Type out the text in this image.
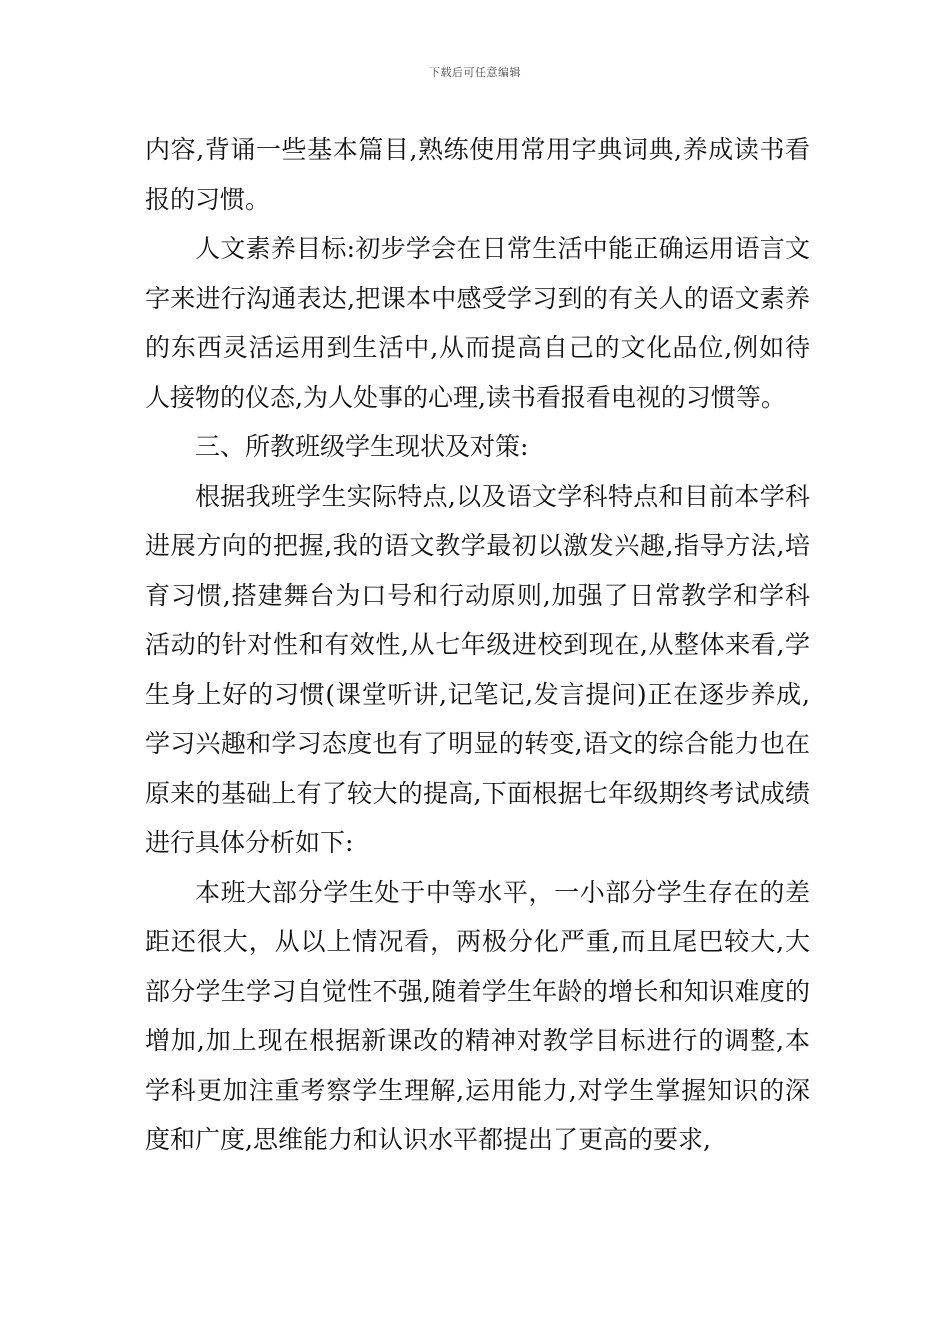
下载后可任意编辑

内容,背诵一些基本篇目,熟练使用常用字典词典,养成读书看报的习惯。

人文素养目标:初步学会在日常生活中能正确运用语言文字来进行沟通表达,把课本中感受学习到的有关人的语文素养的东西灵活运用到生活中,从而提高自己的文化品位,例如待人接物的仪态,为人处事的心理,读书看报看电视的习惯等。

三、所教班级学生现状及对策:

根据我班学生实际特点,以及语文学科特点和目前本学科进展方向的把握,我的语文教学最初以激发兴趣,指导方法,培育习惯,搭建舞台为口号和行动原则,加强了日常教学和学科活动的针对性和有效性,从七年级进校到现在,从整体来看,学生身上好的习惯(课堂听讲,记笔记,发言提问)正在逐步养成,学习兴趣和学习态度也有了明显的转变,语文的综合能力也在原来的基础上有了较大的提高,下面根据七年级期终考试成绩进行具体分析如下:

本班大部分学生处于中等水平，一小部分学生存在的差距还很大，从以上情况看，两极分化严重,而且尾巴较大,大部分学生学习自觉性不强,随着学生年龄的增长和知识难度的增加,加上现在根据新课改的精神对教学目标进行的调整,本学科更加注重考察学生理解,运用能力,对学生掌握知识的深度和广度,思维能力和认识水平都提出了更高的要求,
